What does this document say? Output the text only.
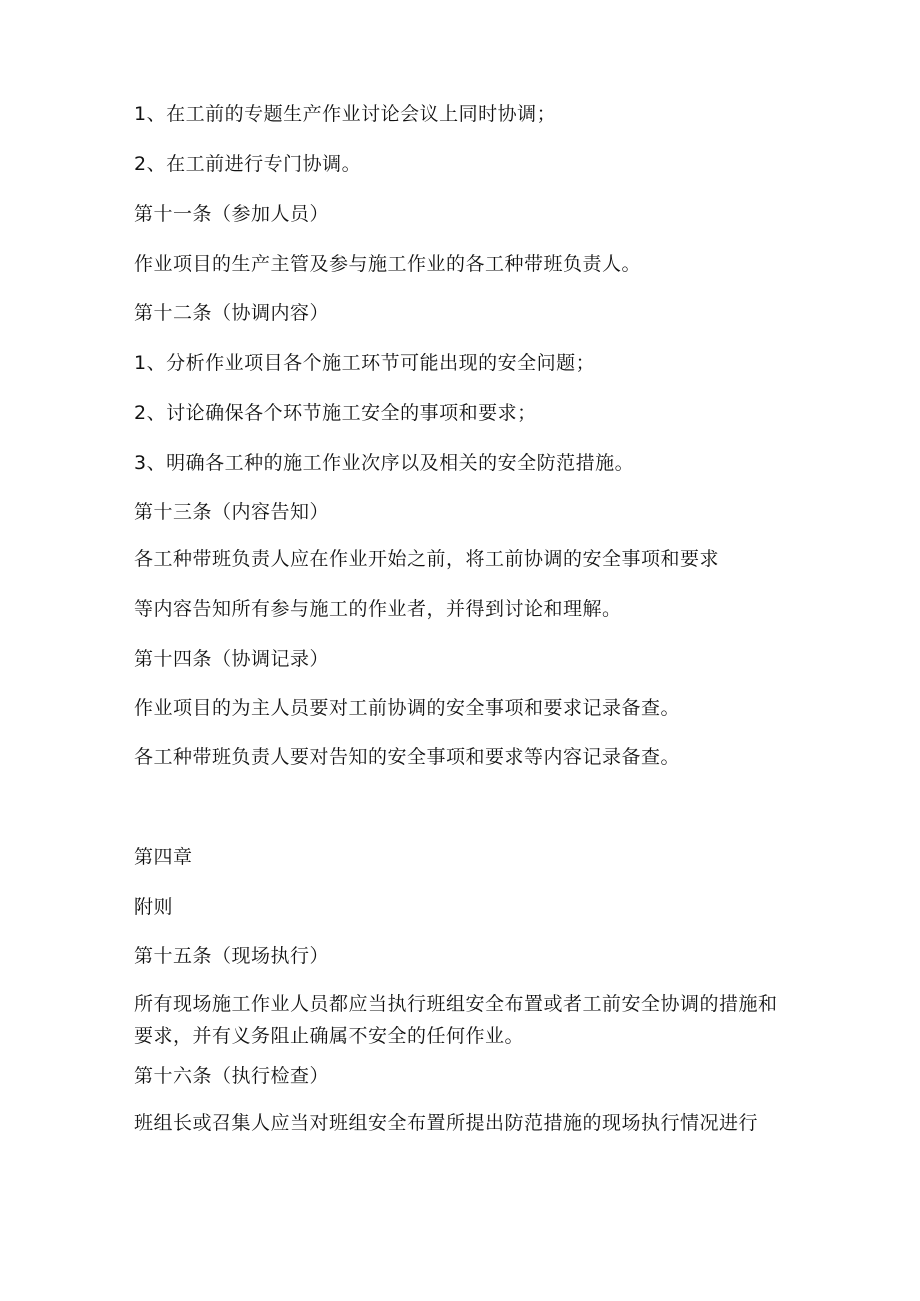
1、在工前的专题生产作业讨论会议上同时协调；
2、在工前进行专门协调。
第十一条（参加人员）
作业项目的生产主管及参与施工作业的各工种带班负责人。
第十二条（协调内容）
1、分析作业项目各个施工环节可能出现的安全问题；
2、讨论确保各个环节施工安全的事项和要求；
3、明确各工种的施工作业次序以及相关的安全防范措施。
第十三条（内容告知）
各工种带班负责人应在作业开始之前，将工前协调的安全事项和要求
等内容告知所有参与施工的作业者，并得到讨论和理解。
第十四条（协调记录）
作业项目的为主人员要对工前协调的安全事项和要求记录备查。
各工种带班负责人要对告知的安全事项和要求等内容记录备查。
第四章
附则
第十五条（现场执行）
所有现场施工作业人员都应当执行班组安全布置或者工前安全协调的措施和要求，并有义务阻止确属不安全的任何作业。
第十六条（执行检查）
班组长或召集人应当对班组安全布置所提出防范措施的现场执行情况进行
